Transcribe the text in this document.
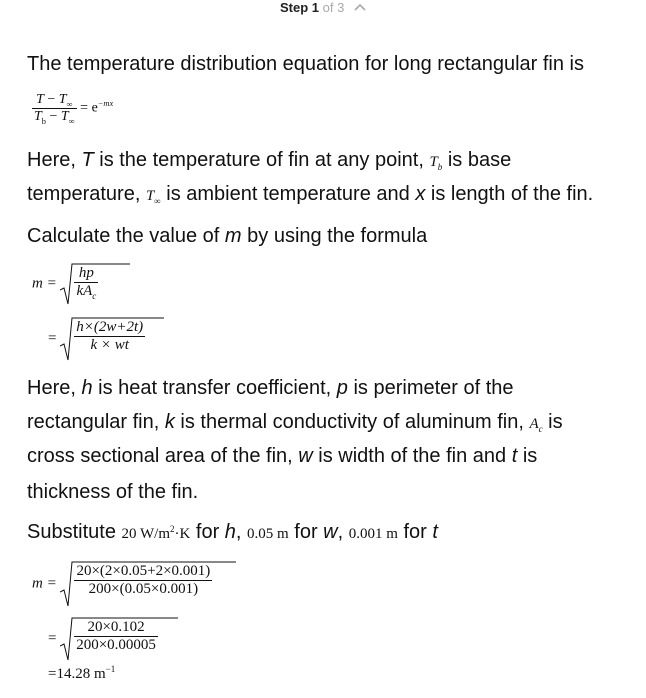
Step 1 of 3
The temperature distribution equation for long rectangular fin is
$\frac{T - T_\infty}{T_b - T_\infty} = e^{-mx}$
Here, T is the temperature of fin at any point, $T_b$ is base
temperature, $T_\infty$ is ambient temperature and x is length of the fin.
Calculate the value of m by using the formula
m =
hp
$kA_c$
= $\frac{h\times(2w+2t)}{k \times wt}$
Here, h is heat transfer coefficient, p is perimeter of the
rectangular fin, k is thermal conductivity of aluminum fin, $A_c$ is
cross sectional area of the fin, w is width of the fin and t is
thickness of the fin.
Substitute 20 $W/m^2\cdot K$ for h, 0.05 m for w, 0.001 m for t
$m = \frac{20\times(2\times 0.05+2\times 0.001)}{200\times(0.05\times 0.001)}$
= $\frac{20\times 0.102}{200\times 0.00005}$
=14.28 $m^{-1}$
